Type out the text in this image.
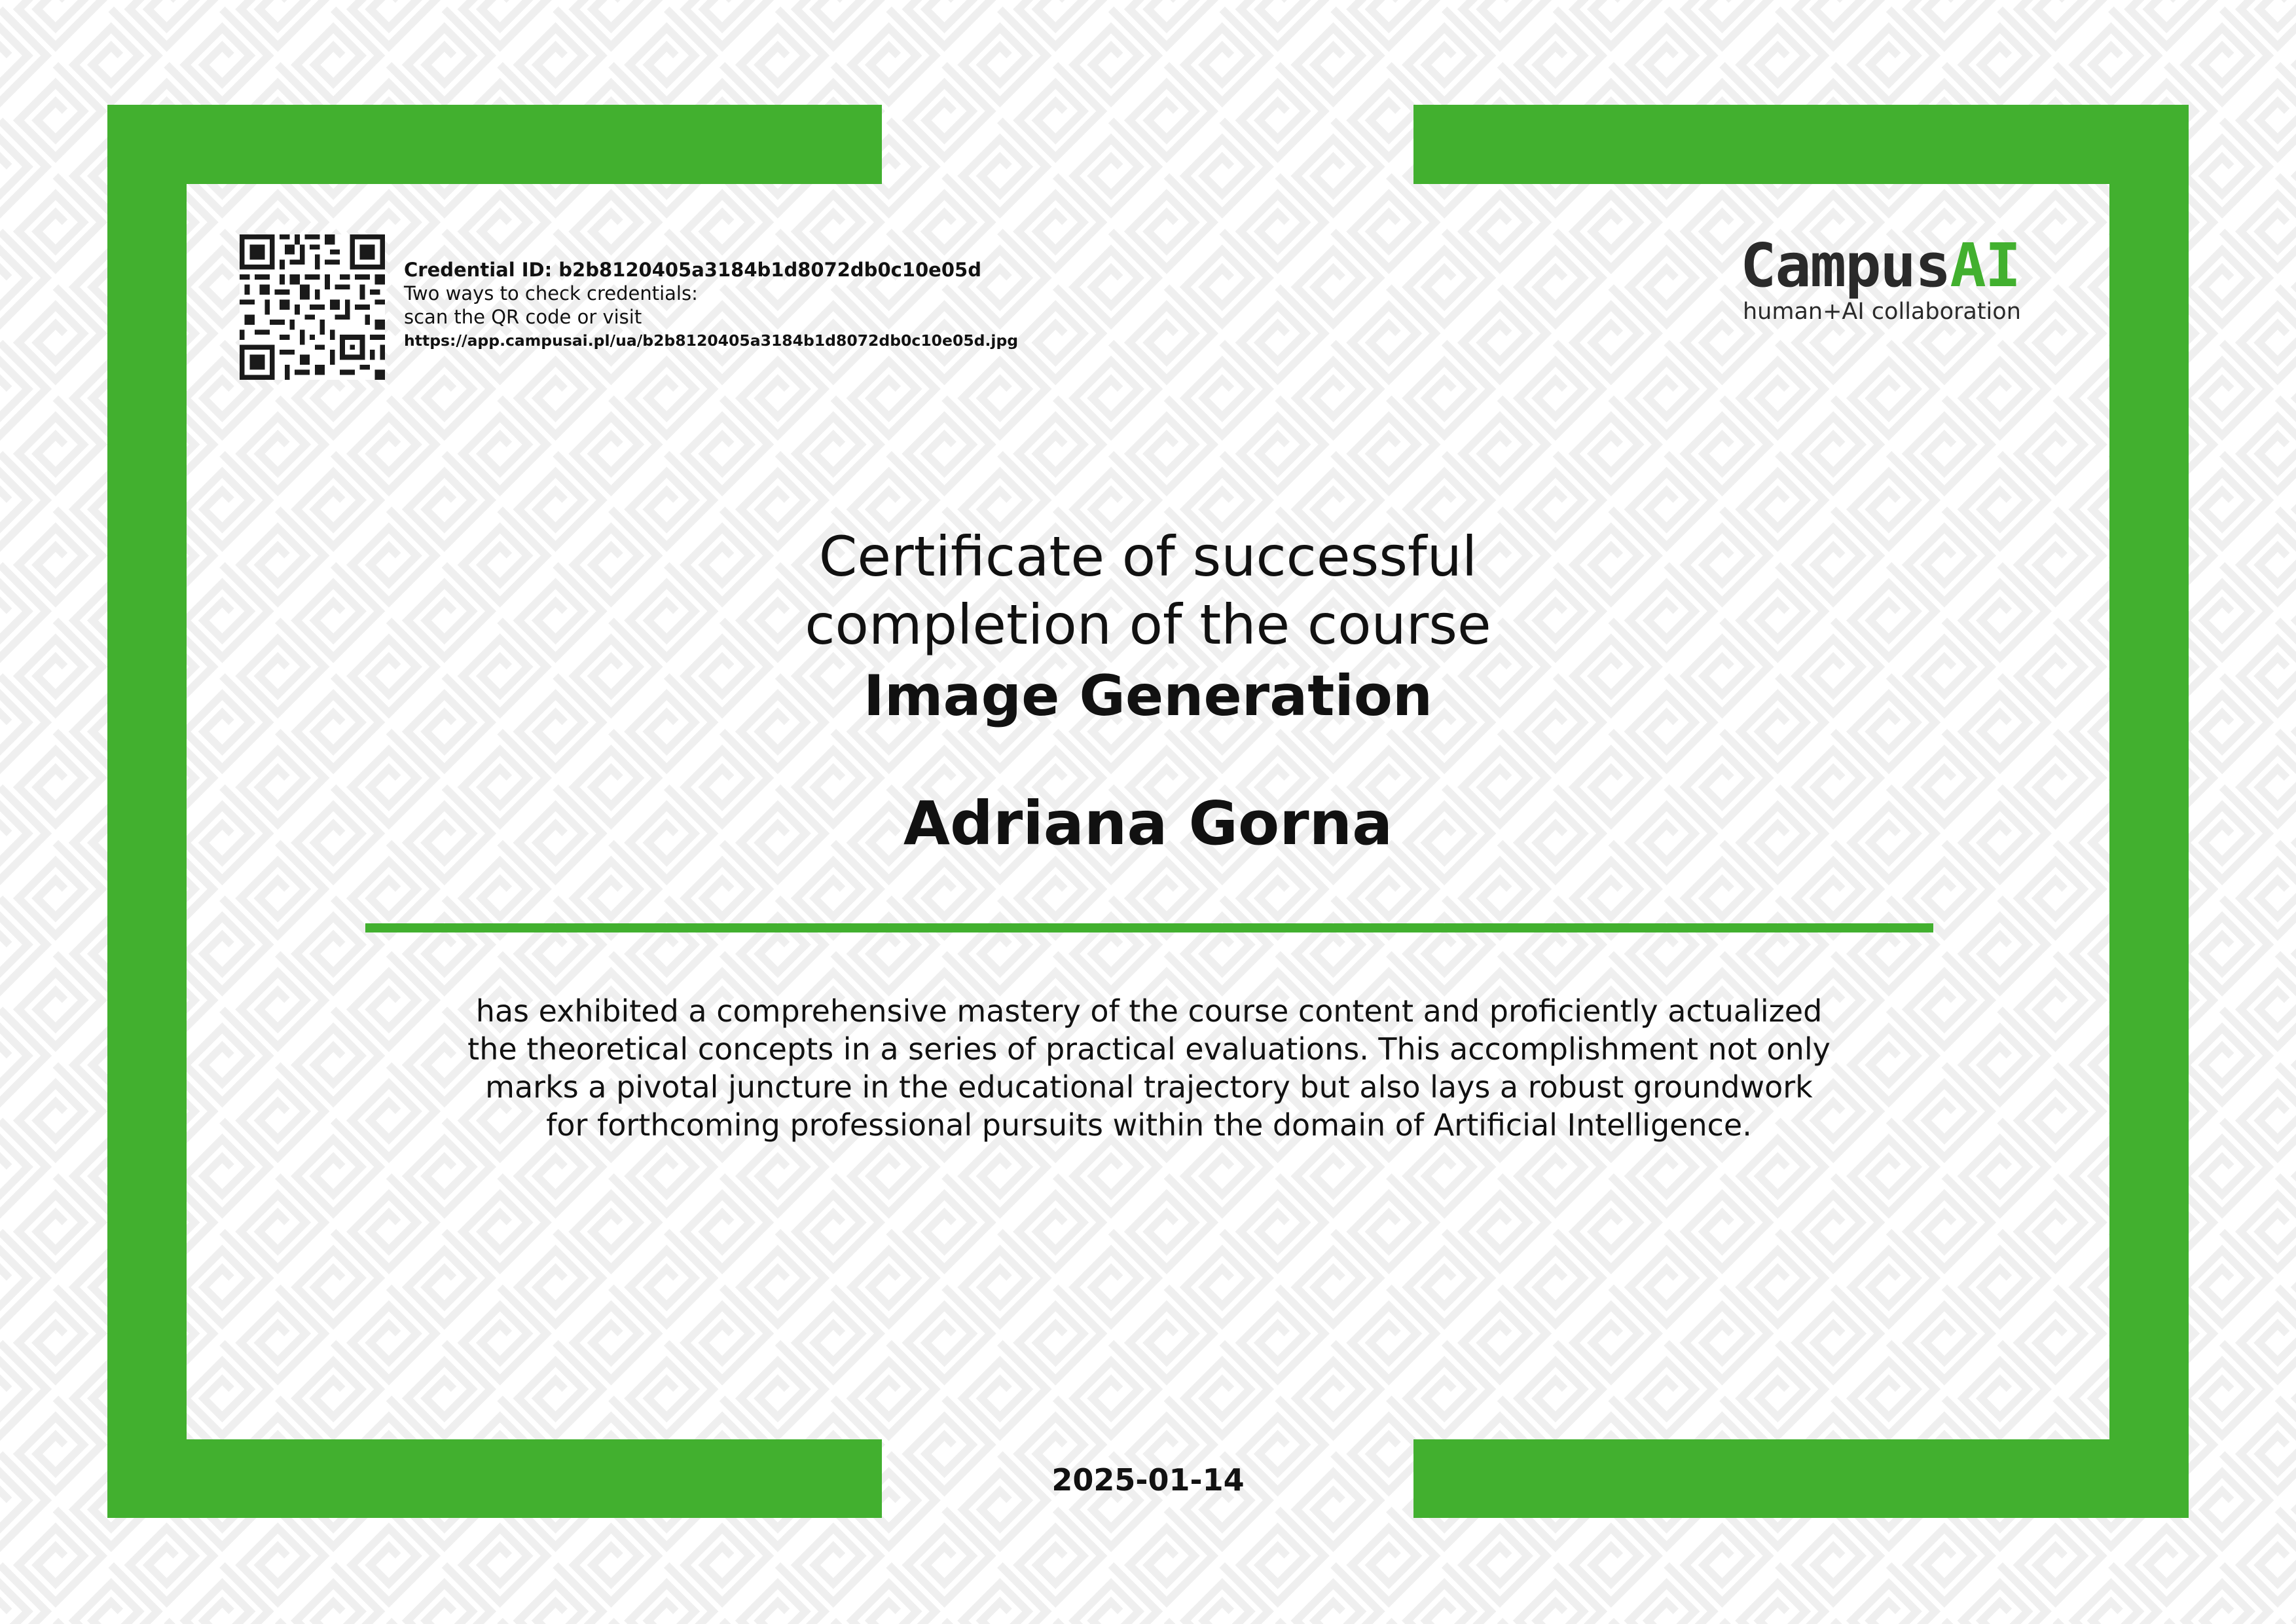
Credential ID: b2b8120405a3184b1d8072db0c10e05d
Two ways to check credentials:
scan the QR code or visit
https://app.campusai.pl/ua/b2b8120405a3184b1d8072db0c10e05d.jpg
CampusAI
human+AI collaboration
Certificate of successful
completion of the course
Image Generation
Adriana Gorna
has exhibited a comprehensive mastery of the course content and proficiently actualized
the theoretical concepts in a series of practical evaluations. This accomplishment not only
marks a pivotal juncture in the educational trajectory but also lays a robust groundwork
for forthcoming professional pursuits within the domain of Artificial Intelligence.
2025-01-14
